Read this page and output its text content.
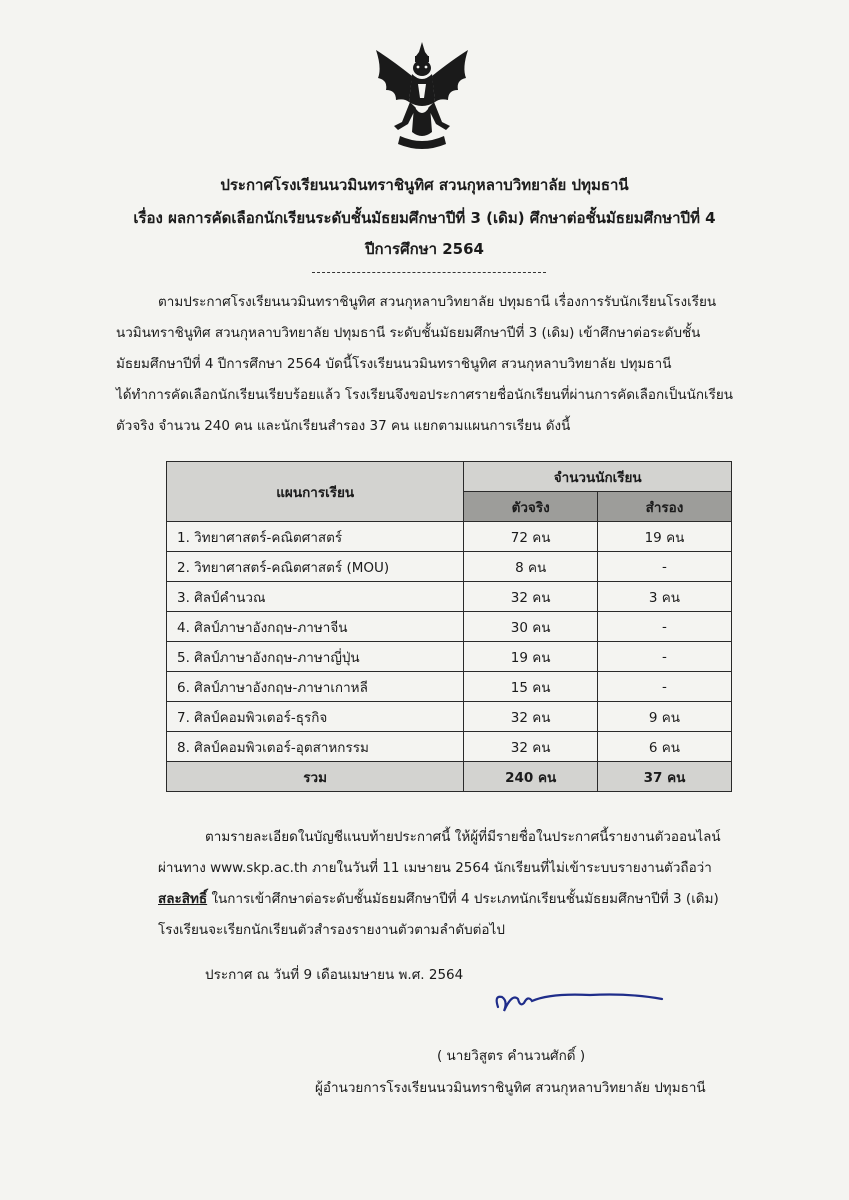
ประกาศโรงเรียนนวมินทราชินูทิศ สวนกุหลาบวิทยาลัย ปทุมธานี
เรื่อง ผลการคัดเลือกนักเรียนระดับชั้นมัธยมศึกษาปีที่ 3 (เดิม) ศึกษาต่อชั้นมัธยมศึกษาปีที่ 4
ปีการศึกษา 2564
ตามประกาศโรงเรียนนวมินทราชินูทิศ สวนกุหลาบวิทยาลัย ปทุมธานี เรื่องการรับนักเรียนโรงเรียน
นวมินทราชินูทิศ สวนกุหลาบวิทยาลัย ปทุมธานี ระดับชั้นมัธยมศึกษาปีที่ 3 (เดิม) เข้าศึกษาต่อระดับชั้น
มัธยมศึกษาปีที่ 4 ปีการศึกษา 2564 บัดนี้โรงเรียนนวมินทราชินูทิศ สวนกุหลาบวิทยาลัย ปทุมธานี
ได้ทำการคัดเลือกนักเรียนเรียบร้อยแล้ว โรงเรียนจึงขอประกาศรายชื่อนักเรียนที่ผ่านการคัดเลือกเป็นนักเรียน
ตัวจริง จำนวน 240 คน และนักเรียนสำรอง 37 คน แยกตามแผนการเรียน ดังนี้
แผนการเรียน	จำนวนนักเรียน	
	ตัวจริง	สำรอง
1. วิทยาศาสตร์-คณิตศาสตร์	72 คน	19 คน
2. วิทยาศาสตร์-คณิตศาสตร์ (MOU)	8 คน	-
3. ศิลป์คำนวณ	32 คน	3 คน
4. ศิลป์ภาษาอังกฤษ-ภาษาจีน	30 คน	-
5. ศิลป์ภาษาอังกฤษ-ภาษาญี่ปุ่น	19 คน	-
6. ศิลป์ภาษาอังกฤษ-ภาษาเกาหลี	15 คน	-
7. ศิลป์คอมพิวเตอร์-ธุรกิจ	32 คน	9 คน
8. ศิลป์คอมพิวเตอร์-อุตสาหกรรม	32 คน	6 คน
รวม	240 คน	37 คน
ตามรายละเอียดในบัญชีแนบท้ายประกาศนี้ ให้ผู้ที่มีรายชื่อในประกาศนี้รายงานตัวออนไลน์
ผ่านทาง www.skp.ac.th ภายในวันที่ 11 เมษายน 2564 นักเรียนที่ไม่เข้าระบบรายงานตัวถือว่า
สละสิทธิ์ ในการเข้าศึกษาต่อระดับชั้นมัธยมศึกษาปีที่ 4 ประเภทนักเรียนชั้นมัธยมศึกษาปีที่ 3 (เดิม)
โรงเรียนจะเรียกนักเรียนตัวสำรองรายงานตัวตามลำดับต่อไป
ประกาศ ณ วันที่ 9 เดือนเมษายน พ.ศ. 2564
( นายวิสูตร คำนวนศักดิ์ )
ผู้อำนวยการโรงเรียนนวมินทราชินูทิศ สวนกุหลาบวิทยาลัย ปทุมธานี
